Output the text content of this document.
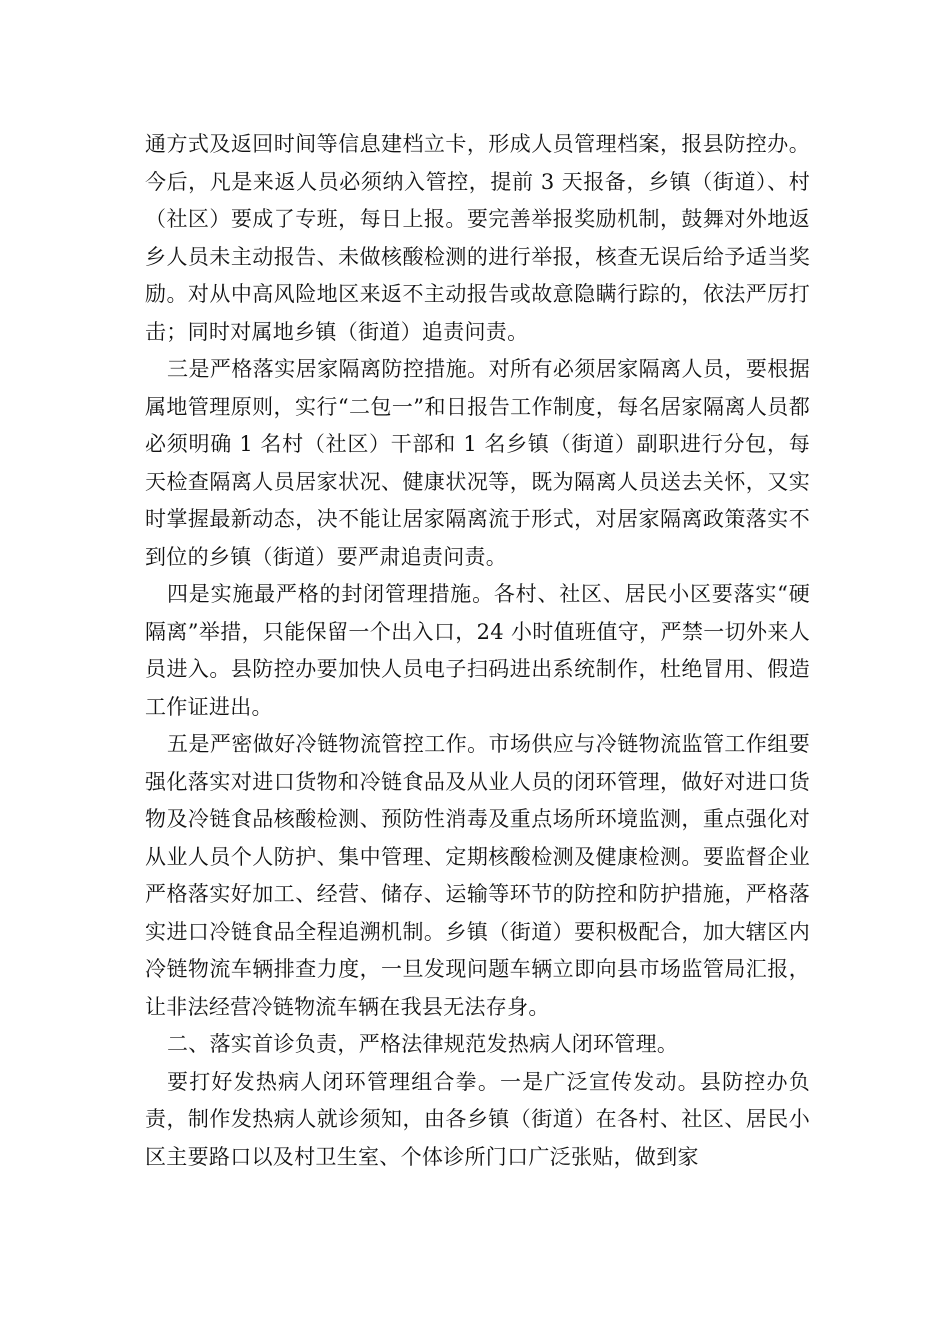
通方式及返回时间等信息建档立卡，形成人员管理档案，报县防控办。今后，凡是来返人员必须纳入管控，提前 3 天报备，乡镇（街道）、村（社区）要成了专班，每日上报。要完善举报奖励机制，鼓舞对外地返乡人员未主动报告、未做核酸检测的进行举报，核查无误后给予适当奖励。对从中高风险地区来返不主动报告或故意隐瞒行踪的，依法严厉打击；同时对属地乡镇（街道）追责问责。

三是严格落实居家隔离防控措施。对所有必须居家隔离人员，要根据属地管理原则，实行“二包一”和日报告工作制度，每名居家隔离人员都必须明确 1 名村（社区）干部和 1 名乡镇（街道）副职进行分包，每天检查隔离人员居家状况、健康状况等，既为隔离人员送去关怀，又实时掌握最新动态，决不能让居家隔离流于形式，对居家隔离政策落实不到位的乡镇（街道）要严肃追责问责。

四是实施最严格的封闭管理措施。各村、社区、居民小区要落实“硬隔离”举措，只能保留一个出入口，24 小时值班值守，严禁一切外来人员进入。县防控办要加快人员电子扫码进出系统制作，杜绝冒用、假造工作证进出。

五是严密做好冷链物流管控工作。市场供应与冷链物流监管工作组要强化落实对进口货物和冷链食品及从业人员的闭环管理，做好对进口货物及冷链食品核酸检测、预防性消毒及重点场所环境监测，重点强化对从业人员个人防护、集中管理、定期核酸检测及健康检测。要监督企业严格落实好加工、经营、储存、运输等环节的防控和防护措施，严格落实进口冷链食品全程追溯机制。乡镇（街道）要积极配合，加大辖区内冷链物流车辆排查力度，一旦发现问题车辆立即向县市场监管局汇报，让非法经营冷链物流车辆在我县无法存身。

二、落实首诊负责，严格法律规范发热病人闭环管理。

要打好发热病人闭环管理组合拳。一是广泛宣传发动。县防控办负责，制作发热病人就诊须知，由各乡镇（街道）在各村、社区、居民小区主要路口以及村卫生室、个体诊所门口广泛张贴，做到家
